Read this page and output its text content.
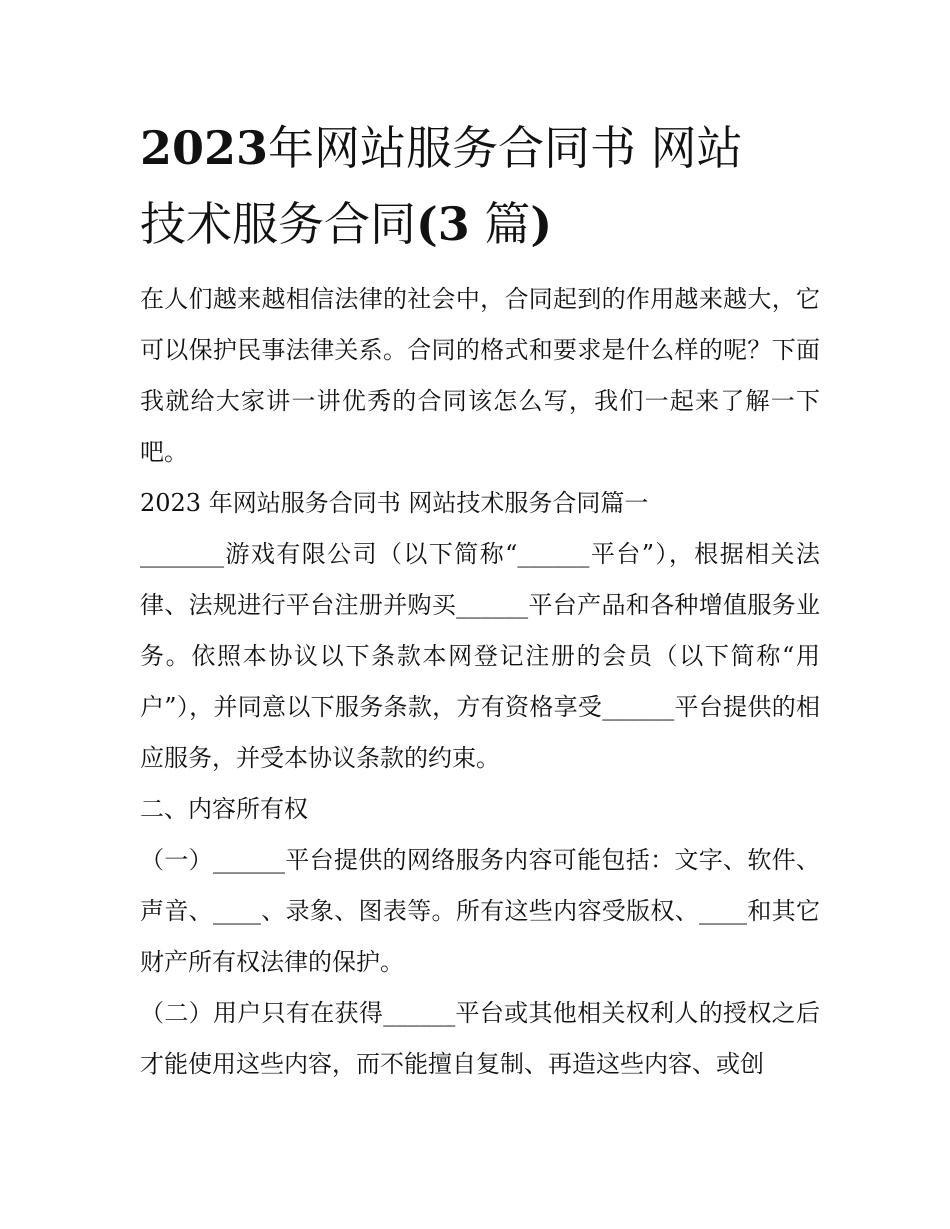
2023年网站服务合同书 网站
技术服务合同(3 篇)

在人们越来越相信法律的社会中，合同起到的作用越来越大，它可以保护民事法律关系。合同的格式和要求是什么样的呢？下面我就给大家讲一讲优秀的合同该怎么写，我们一起来了解一下吧。

2023 年网站服务合同书 网站技术服务合同篇一

_______游戏有限公司（以下简称“______平台”），根据相关法律、法规进行平台注册并购买______平台产品和各种增值服务业务。依照本协议以下条款本网登记注册的会员（以下简称“用户”），并同意以下服务条款，方有资格享受______平台提供的相应服务，并受本协议条款的约束。

二、内容所有权

（一）______平台提供的网络服务内容可能包括：文字、软件、声音、____、录象、图表等。所有这些内容受版权、____和其它财产所有权法律的保护。

（二）用户只有在获得______平台或其他相关权利人的授权之后才能使用这些内容，而不能擅自复制、再造这些内容、或创
